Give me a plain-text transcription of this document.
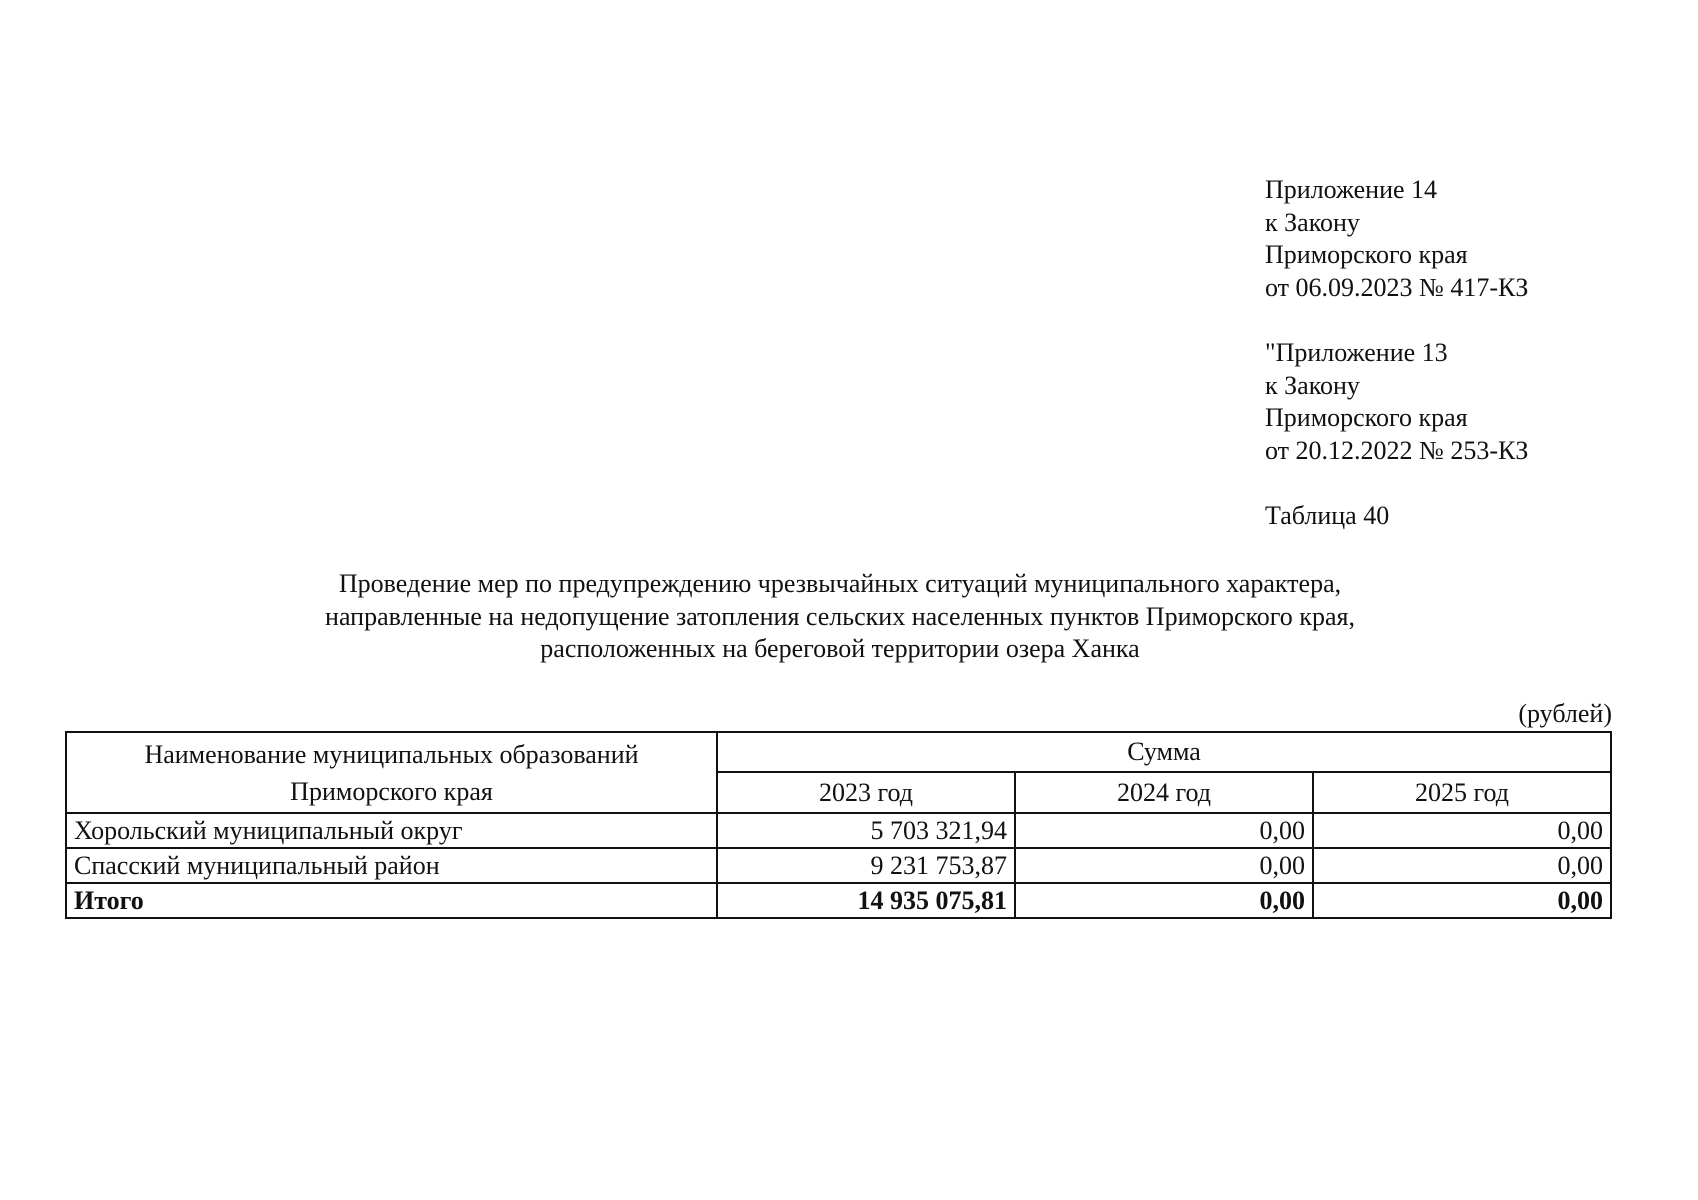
Приложение 14
к Закону
Приморского края
от 06.09.2023 № 417-КЗ
"Приложение 13
к Закону
Приморского края
от 20.12.2022 № 253-КЗ
Таблица 40
Проведение мер по предупреждению чрезвычайных ситуаций муниципального характера,
направленные на недопущение затопления сельских населенных пунктов Приморского края,
расположенных на береговой территории озера Ханка
(рублей)
Наименование муниципальных образований
Приморского края	Сумма		
	2023 год	2024 год	2025 год
Хорольский муниципальный округ	5 703 321,94	0,00	0,00
Спасский муниципальный район	9 231 753,87	0,00	0,00
Итого	14 935 075,81	0,00	0,00
